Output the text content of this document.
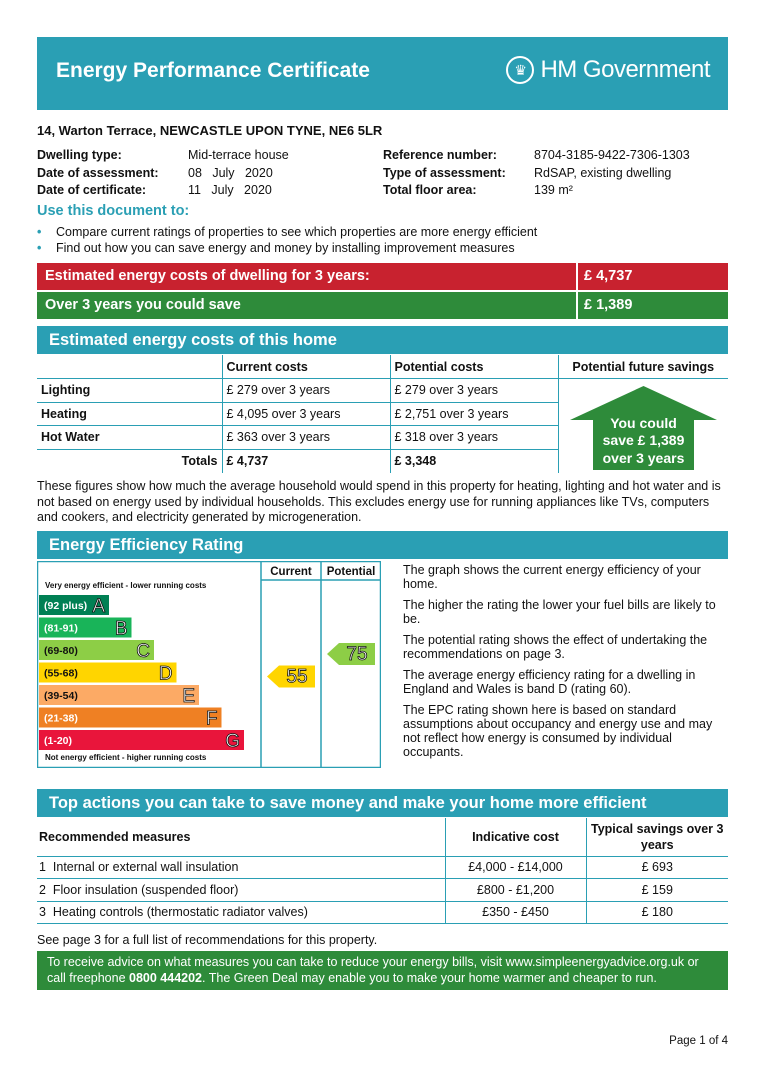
Energy Performance Certificate	♛ HM Government
14, Warton Terrace, NEWCASTLE UPON TYNE, NE6 5LR
Dwelling type:	Mid-terrace house
Date of assessment:	08   July   2020
Date of certificate:	11   July   2020
Reference number:	8704-3185-9422-7306-1303
Type of assessment:	RdSAP, existing dwelling
Total floor area:	139 m²
Use this document to:
•	Compare current ratings of properties to see which properties are more energy efficient
•	Find out how you can save energy and money by installing improvement measures
Estimated energy costs of dwelling for 3 years:	£ 4,737
Over 3 years you could save	£ 1,389
Estimated energy costs of this home
	Current costs	Potential costs	Potential future savings
Lighting	£ 279 over 3 years	£ 279 over 3 years	
Heating	£ 4,095 over 3 years	£ 2,751 over 3 years	
Hot Water	£ 363 over 3 years	£ 318 over 3 years	
Totals	£ 4,737	£ 3,348	
You could
save £ 1,389
over 3 years
These figures show how much the average household would spend in this property for heating, lighting and hot water and is not based on energy used by individual households. This excludes energy use for running appliances like TVs, computers and cookers, and electricity generated by microgeneration.
Energy Efficiency Rating
Current Potential
Very energy efficient - lower running costs
Not energy efficient - higher running costs
(92 plus) A
(81-91) B
(69-80)	C
(55-68)	D
(39-54)	E
(21-38)	F
(1-20)	G
55
75

The graph shows the current energy efficiency of your home.

The higher the rating the lower your fuel bills are likely to be.

The potential rating shows the effect of undertaking the recommendations on page 3.

The average energy efficiency rating for a dwelling in England and Wales is band D (rating 60).

The EPC rating shown here is based on standard assumptions about occupancy and energy use and may not reflect how energy is consumed by individual occupants.

Top actions you can take to save money and make your home more efficient
Recommended measures	Indicative cost	Typical savings over 3 years
1  Internal or external wall insulation	£4,000 - £14,000	£ 693
2  Floor insulation (suspended floor)	£800 - £1,200	£ 159
3  Heating controls (thermostatic radiator valves)	£350 - £450	£ 180
See page 3 for a full list of recommendations for this property.
To receive advice on what measures you can take to reduce your energy bills, visit www.simpleenergyadvice.org.uk or call freephone 0800 444202. The Green Deal may enable you to make your home warmer and cheaper to run.
Page 1 of 4
